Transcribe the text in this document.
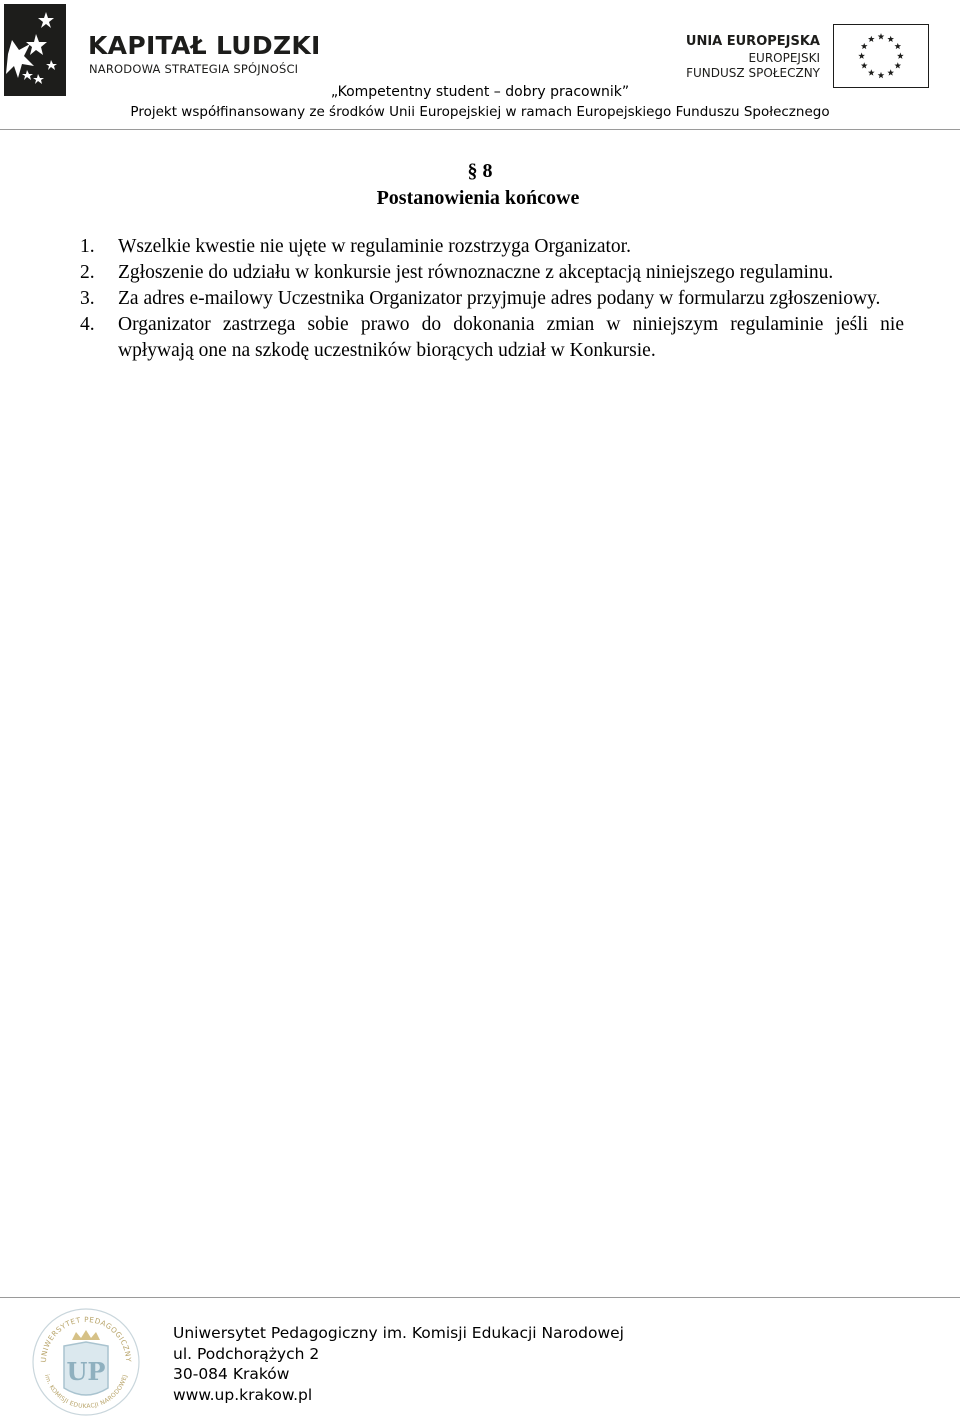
KAPITAŁ LUDZKI
NARODOWA STRATEGIA SPÓJNOŚCI
UNIA EUROPEJSKA
EUROPEJSKI
FUNDUSZ SPOŁECZNY
„Kompetentny student – dobry pracownik”
Projekt współfinansowany ze środków Unii Europejskiej w ramach Europejskiego Funduszu Społecznego
§ 8
Postanowienia końcowe
1. Wszelkie kwestie nie ujęte w regulaminie rozstrzyga Organizator.
2. Zgłoszenie do udziału w konkursie jest równoznaczne z akceptacją niniejszego regulaminu.
3. Za adres e-mailowy Uczestnika Organizator przyjmuje adres podany w formularzu zgłoszeniowy.
4. Organizator zastrzega sobie prawo do dokonania zmian w niniejszym regulaminie jeśli nie wpływają one na szkodę uczestników biorących udział w Konkursie.
UNIWERSYTET PEDAGOGICZNY
im. KOMISJI EDUKACJI NARODOWEJ
UP
Uniwersytet Pedagogiczny im. Komisji Edukacji Narodowej
ul. Podchorążych 2
30-084 Kraków
www.up.krakow.pl
